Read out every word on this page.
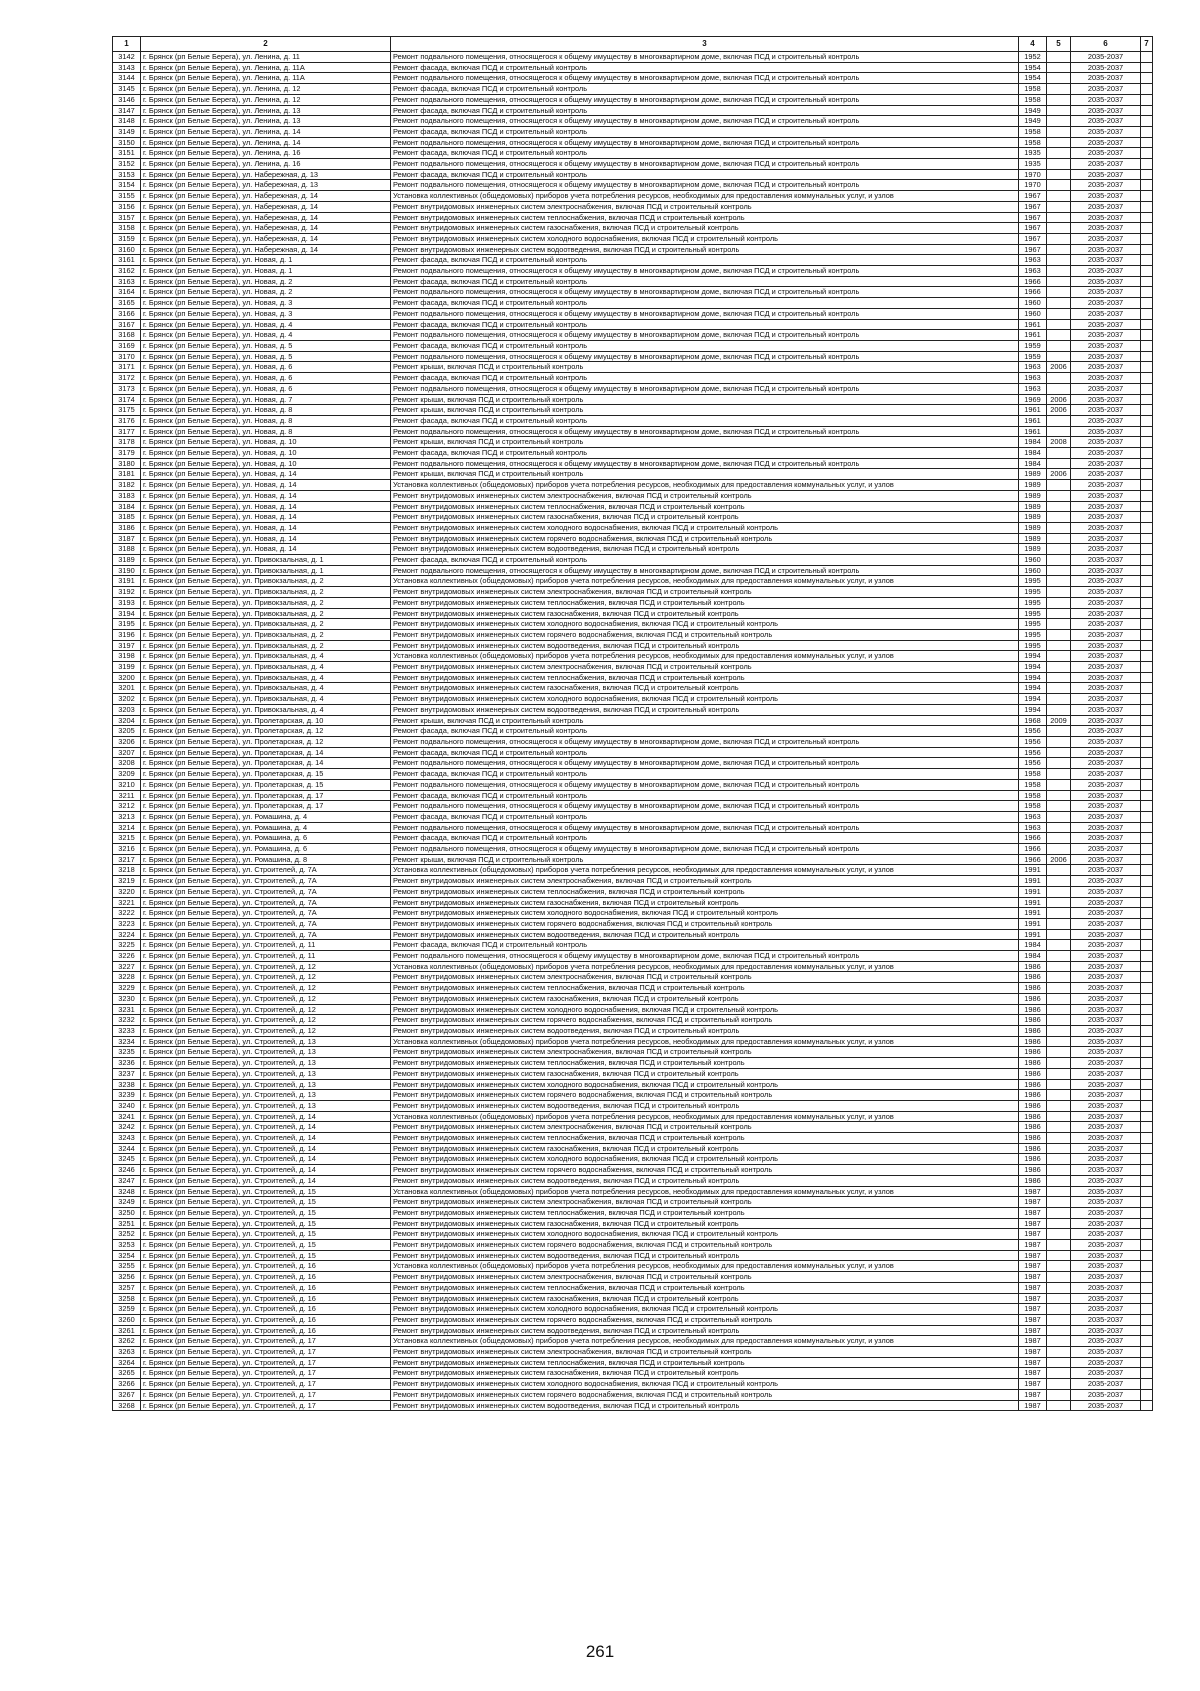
1	2	3	4	5	6	7
3142	г. Брянск (рп Белые Берега), ул. Ленина, д. 11	Ремонт подвального помещения, относящегося к общему имуществу в многоквартирном доме, включая ПСД и строительный контроль	1952		2035-2037	
3143	г. Брянск (рп Белые Берега), ул. Ленина, д. 11А	Ремонт фасада, включая ПСД и строительный контроль	1954		2035-2037	
3144	г. Брянск (рп Белые Берега), ул. Ленина, д. 11А	Ремонт подвального помещения, относящегося к общему имуществу в многоквартирном доме, включая ПСД и строительный контроль	1954		2035-2037	
3145	г. Брянск (рп Белые Берега), ул. Ленина, д. 12	Ремонт фасада, включая ПСД и строительный контроль	1958		2035-2037	
3146	г. Брянск (рп Белые Берега), ул. Ленина, д. 12	Ремонт подвального помещения, относящегося к общему имуществу в многоквартирном доме, включая ПСД и строительный контроль	1958		2035-2037	
3147	г. Брянск (рп Белые Берега), ул. Ленина, д. 13	Ремонт фасада, включая ПСД и строительный контроль	1949		2035-2037	
3148	г. Брянск (рп Белые Берега), ул. Ленина, д. 13	Ремонт подвального помещения, относящегося к общему имуществу в многоквартирном доме, включая ПСД и строительный контроль	1949		2035-2037	
3149	г. Брянск (рп Белые Берега), ул. Ленина, д. 14	Ремонт фасада, включая ПСД и строительный контроль	1958		2035-2037	
3150	г. Брянск (рп Белые Берега), ул. Ленина, д. 14	Ремонт подвального помещения, относящегося к общему имуществу в многоквартирном доме, включая ПСД и строительный контроль	1958		2035-2037	
3151	г. Брянск (рп Белые Берега), ул. Ленина, д. 16	Ремонт фасада, включая ПСД и строительный контроль	1935		2035-2037	
3152	г. Брянск (рп Белые Берега), ул. Ленина, д. 16	Ремонт подвального помещения, относящегося к общему имуществу в многоквартирном доме, включая ПСД и строительный контроль	1935		2035-2037	
3153	г. Брянск (рп Белые Берега), ул. Набережная, д. 13	Ремонт фасада, включая ПСД и строительный контроль	1970		2035-2037	
3154	г. Брянск (рп Белые Берега), ул. Набережная, д. 13	Ремонт подвального помещения, относящегося к общему имуществу в многоквартирном доме, включая ПСД и строительный контроль	1970		2035-2037	
3155	г. Брянск (рп Белые Берега), ул. Набережная, д. 14	Установка коллективных (общедомовых) приборов учета потребления ресурсов, необходимых для предоставления коммунальных услуг, и узлов	1967		2035-2037	
3156	г. Брянск (рп Белые Берега), ул. Набережная, д. 14	Ремонт внутридомовых инженерных систем электроснабжения, включая ПСД и строительный контроль	1967		2035-2037	
3157	г. Брянск (рп Белые Берега), ул. Набережная, д. 14	Ремонт внутридомовых инженерных систем теплоснабжения, включая ПСД и строительный контроль	1967		2035-2037	
3158	г. Брянск (рп Белые Берега), ул. Набережная, д. 14	Ремонт внутридомовых инженерных систем газоснабжения, включая ПСД и строительный контроль	1967		2035-2037	
3159	г. Брянск (рп Белые Берега), ул. Набережная, д. 14	Ремонт внутридомовых инженерных систем холодного водоснабжения, включая ПСД и строительный контроль	1967		2035-2037	
3160	г. Брянск (рп Белые Берега), ул. Набережная, д. 14	Ремонт внутридомовых инженерных систем водоотведения, включая ПСД и строительный контроль	1967		2035-2037	
3161	г. Брянск (рп Белые Берега), ул. Новая, д. 1	Ремонт фасада, включая ПСД и строительный контроль	1963		2035-2037	
3162	г. Брянск (рп Белые Берега), ул. Новая, д. 1	Ремонт подвального помещения, относящегося к общему имуществу в многоквартирном доме, включая ПСД и строительный контроль	1963		2035-2037	
3163	г. Брянск (рп Белые Берега), ул. Новая, д. 2	Ремонт фасада, включая ПСД и строительный контроль	1966		2035-2037	
3164	г. Брянск (рп Белые Берега), ул. Новая, д. 2	Ремонт подвального помещения, относящегося к общему имуществу в многоквартирном доме, включая ПСД и строительный контроль	1966		2035-2037	
3165	г. Брянск (рп Белые Берега), ул. Новая, д. 3	Ремонт фасада, включая ПСД и строительный контроль	1960		2035-2037	
3166	г. Брянск (рп Белые Берега), ул. Новая, д. 3	Ремонт подвального помещения, относящегося к общему имуществу в многоквартирном доме, включая ПСД и строительный контроль	1960		2035-2037	
3167	г. Брянск (рп Белые Берега), ул. Новая, д. 4	Ремонт фасада, включая ПСД и строительный контроль	1961		2035-2037	
3168	г. Брянск (рп Белые Берега), ул. Новая, д. 4	Ремонт подвального помещения, относящегося к общему имуществу в многоквартирном доме, включая ПСД и строительный контроль	1961		2035-2037	
3169	г. Брянск (рп Белые Берега), ул. Новая, д. 5	Ремонт фасада, включая ПСД и строительный контроль	1959		2035-2037	
3170	г. Брянск (рп Белые Берега), ул. Новая, д. 5	Ремонт подвального помещения, относящегося к общему имуществу в многоквартирном доме, включая ПСД и строительный контроль	1959		2035-2037	
3171	г. Брянск (рп Белые Берега), ул. Новая, д. 6	Ремонт крыши, включая ПСД и строительный контроль	1963	2006	2035-2037	
3172	г. Брянск (рп Белые Берега), ул. Новая, д. 6	Ремонт фасада, включая ПСД и строительный контроль	1963		2035-2037	
3173	г. Брянск (рп Белые Берега), ул. Новая, д. 6	Ремонт подвального помещения, относящегося к общему имуществу в многоквартирном доме, включая ПСД и строительный контроль	1963		2035-2037	
3174	г. Брянск (рп Белые Берега), ул. Новая, д. 7	Ремонт крыши, включая ПСД и строительный контроль	1969	2006	2035-2037	
3175	г. Брянск (рп Белые Берега), ул. Новая, д. 8	Ремонт крыши, включая ПСД и строительный контроль	1961	2006	2035-2037	
3176	г. Брянск (рп Белые Берега), ул. Новая, д. 8	Ремонт фасада, включая ПСД и строительный контроль	1961		2035-2037	
3177	г. Брянск (рп Белые Берега), ул. Новая, д. 8	Ремонт подвального помещения, относящегося к общему имуществу в многоквартирном доме, включая ПСД и строительный контроль	1961		2035-2037	
3178	г. Брянск (рп Белые Берега), ул. Новая, д. 10	Ремонт крыши, включая ПСД и строительный контроль	1984	2008	2035-2037	
3179	г. Брянск (рп Белые Берега), ул. Новая, д. 10	Ремонт фасада, включая ПСД и строительный контроль	1984		2035-2037	
3180	г. Брянск (рп Белые Берега), ул. Новая, д. 10	Ремонт подвального помещения, относящегося к общему имуществу в многоквартирном доме, включая ПСД и строительный контроль	1984		2035-2037	
3181	г. Брянск (рп Белые Берега), ул. Новая, д. 14	Ремонт крыши, включая ПСД и строительный контроль	1989	2006	2035-2037	
3182	г. Брянск (рп Белые Берега), ул. Новая, д. 14	Установка коллективных (общедомовых) приборов учета потребления ресурсов, необходимых для предоставления коммунальных услуг, и узлов	1989		2035-2037	
3183	г. Брянск (рп Белые Берега), ул. Новая, д. 14	Ремонт внутридомовых инженерных систем электроснабжения, включая ПСД и строительный контроль	1989		2035-2037	
3184	г. Брянск (рп Белые Берега), ул. Новая, д. 14	Ремонт внутридомовых инженерных систем теплоснабжения, включая ПСД и строительный контроль	1989		2035-2037	
3185	г. Брянск (рп Белые Берега), ул. Новая, д. 14	Ремонт внутридомовых инженерных систем газоснабжения, включая ПСД и строительный контроль	1989		2035-2037	
3186	г. Брянск (рп Белые Берега), ул. Новая, д. 14	Ремонт внутридомовых инженерных систем холодного водоснабжения, включая ПСД и строительный контроль	1989		2035-2037	
3187	г. Брянск (рп Белые Берега), ул. Новая, д. 14	Ремонт внутридомовых инженерных систем горячего водоснабжения, включая ПСД и строительный контроль	1989		2035-2037	
3188	г. Брянск (рп Белые Берега), ул. Новая, д. 14	Ремонт внутридомовых инженерных систем водоотведения, включая ПСД и строительный контроль	1989		2035-2037	
3189	г. Брянск (рп Белые Берега), ул. Привокзальная, д. 1	Ремонт фасада, включая ПСД и строительный контроль	1960		2035-2037	
3190	г. Брянск (рп Белые Берега), ул. Привокзальная, д. 1	Ремонт подвального помещения, относящегося к общему имуществу в многоквартирном доме, включая ПСД и строительный контроль	1960		2035-2037	
3191	г. Брянск (рп Белые Берега), ул. Привокзальная, д. 2	Установка коллективных (общедомовых) приборов учета потребления ресурсов, необходимых для предоставления коммунальных услуг, и узлов	1995		2035-2037	
3192	г. Брянск (рп Белые Берега), ул. Привокзальная, д. 2	Ремонт внутридомовых инженерных систем электроснабжения, включая ПСД и строительный контроль	1995		2035-2037	
3193	г. Брянск (рп Белые Берега), ул. Привокзальная, д. 2	Ремонт внутридомовых инженерных систем теплоснабжения, включая ПСД и строительный контроль	1995		2035-2037	
3194	г. Брянск (рп Белые Берега), ул. Привокзальная, д. 2	Ремонт внутридомовых инженерных систем газоснабжения, включая ПСД и строительный контроль	1995		2035-2037	
3195	г. Брянск (рп Белые Берега), ул. Привокзальная, д. 2	Ремонт внутридомовых инженерных систем холодного водоснабжения, включая ПСД и строительный контроль	1995		2035-2037	
3196	г. Брянск (рп Белые Берега), ул. Привокзальная, д. 2	Ремонт внутридомовых инженерных систем горячего водоснабжения, включая ПСД и строительный контроль	1995		2035-2037	
3197	г. Брянск (рп Белые Берега), ул. Привокзальная, д. 2	Ремонт внутридомовых инженерных систем водоотведения, включая ПСД и строительный контроль	1995		2035-2037	
3198	г. Брянск (рп Белые Берега), ул. Привокзальная, д. 4	Установка коллективных (общедомовых) приборов учета потребления ресурсов, необходимых для предоставления коммунальных услуг, и узлов	1994		2035-2037	
3199	г. Брянск (рп Белые Берега), ул. Привокзальная, д. 4	Ремонт внутридомовых инженерных систем электроснабжения, включая ПСД и строительный контроль	1994		2035-2037	
3200	г. Брянск (рп Белые Берега), ул. Привокзальная, д. 4	Ремонт внутридомовых инженерных систем теплоснабжения, включая ПСД и строительный контроль	1994		2035-2037	
3201	г. Брянск (рп Белые Берега), ул. Привокзальная, д. 4	Ремонт внутридомовых инженерных систем газоснабжения, включая ПСД и строительный контроль	1994		2035-2037	
3202	г. Брянск (рп Белые Берега), ул. Привокзальная, д. 4	Ремонт внутридомовых инженерных систем холодного водоснабжения, включая ПСД и строительный контроль	1994		2035-2037	
3203	г. Брянск (рп Белые Берега), ул. Привокзальная, д. 4	Ремонт внутридомовых инженерных систем водоотведения, включая ПСД и строительный контроль	1994		2035-2037	
3204	г. Брянск (рп Белые Берега), ул. Пролетарская, д. 10	Ремонт крыши, включая ПСД и строительный контроль	1968	2009	2035-2037	
3205	г. Брянск (рп Белые Берега), ул. Пролетарская, д. 12	Ремонт фасада, включая ПСД и строительный контроль	1956		2035-2037	
3206	г. Брянск (рп Белые Берега), ул. Пролетарская, д. 12	Ремонт подвального помещения, относящегося к общему имуществу в многоквартирном доме, включая ПСД и строительный контроль	1956		2035-2037	
3207	г. Брянск (рп Белые Берега), ул. Пролетарская, д. 14	Ремонт фасада, включая ПСД и строительный контроль	1956		2035-2037	
3208	г. Брянск (рп Белые Берега), ул. Пролетарская, д. 14	Ремонт подвального помещения, относящегося к общему имуществу в многоквартирном доме, включая ПСД и строительный контроль	1956		2035-2037	
3209	г. Брянск (рп Белые Берега), ул. Пролетарская, д. 15	Ремонт фасада, включая ПСД и строительный контроль	1958		2035-2037	
3210	г. Брянск (рп Белые Берега), ул. Пролетарская, д. 15	Ремонт подвального помещения, относящегося к общему имуществу в многоквартирном доме, включая ПСД и строительный контроль	1958		2035-2037	
3211	г. Брянск (рп Белые Берега), ул. Пролетарская, д. 17	Ремонт фасада, включая ПСД и строительный контроль	1958		2035-2037	
3212	г. Брянск (рп Белые Берега), ул. Пролетарская, д. 17	Ремонт подвального помещения, относящегося к общему имуществу в многоквартирном доме, включая ПСД и строительный контроль	1958		2035-2037	
3213	г. Брянск (рп Белые Берега), ул. Ромашина, д. 4	Ремонт фасада, включая ПСД и строительный контроль	1963		2035-2037	
3214	г. Брянск (рп Белые Берега), ул. Ромашина, д. 4	Ремонт подвального помещения, относящегося к общему имуществу в многоквартирном доме, включая ПСД и строительный контроль	1963		2035-2037	
3215	г. Брянск (рп Белые Берега), ул. Ромашина, д. 6	Ремонт фасада, включая ПСД и строительный контроль	1966		2035-2037	
3216	г. Брянск (рп Белые Берега), ул. Ромашина, д. 6	Ремонт подвального помещения, относящегося к общему имуществу в многоквартирном доме, включая ПСД и строительный контроль	1966		2035-2037	
3217	г. Брянск (рп Белые Берега), ул. Ромашина, д. 8	Ремонт крыши, включая ПСД и строительный контроль	1966	2006	2035-2037	
3218	г. Брянск (рп Белые Берега), ул. Строителей, д. 7А	Установка коллективных (общедомовых) приборов учета потребления ресурсов, необходимых для предоставления коммунальных услуг, и узлов	1991		2035-2037	
3219	г. Брянск (рп Белые Берега), ул. Строителей, д. 7А	Ремонт внутридомовых инженерных систем электроснабжения, включая ПСД и строительный контроль	1991		2035-2037	
3220	г. Брянск (рп Белые Берега), ул. Строителей, д. 7А	Ремонт внутридомовых инженерных систем теплоснабжения, включая ПСД и строительный контроль	1991		2035-2037	
3221	г. Брянск (рп Белые Берега), ул. Строителей, д. 7А	Ремонт внутридомовых инженерных систем газоснабжения, включая ПСД и строительный контроль	1991		2035-2037	
3222	г. Брянск (рп Белые Берега), ул. Строителей, д. 7А	Ремонт внутридомовых инженерных систем холодного водоснабжения, включая ПСД и строительный контроль	1991		2035-2037	
3223	г. Брянск (рп Белые Берега), ул. Строителей, д. 7А	Ремонт внутридомовых инженерных систем горячего водоснабжения, включая ПСД и строительный контроль	1991		2035-2037	
3224	г. Брянск (рп Белые Берега), ул. Строителей, д. 7А	Ремонт внутридомовых инженерных систем водоотведения, включая ПСД и строительный контроль	1991		2035-2037	
3225	г. Брянск (рп Белые Берега), ул. Строителей, д. 11	Ремонт фасада, включая ПСД и строительный контроль	1984		2035-2037	
3226	г. Брянск (рп Белые Берега), ул. Строителей, д. 11	Ремонт подвального помещения, относящегося к общему имуществу в многоквартирном доме, включая ПСД и строительный контроль	1984		2035-2037	
3227	г. Брянск (рп Белые Берега), ул. Строителей, д. 12	Установка коллективных (общедомовых) приборов учета потребления ресурсов, необходимых для предоставления коммунальных услуг, и узлов	1986		2035-2037	
3228	г. Брянск (рп Белые Берега), ул. Строителей, д. 12	Ремонт внутридомовых инженерных систем электроснабжения, включая ПСД и строительный контроль	1986		2035-2037	
3229	г. Брянск (рп Белые Берега), ул. Строителей, д. 12	Ремонт внутридомовых инженерных систем теплоснабжения, включая ПСД и строительный контроль	1986		2035-2037	
3230	г. Брянск (рп Белые Берега), ул. Строителей, д. 12	Ремонт внутридомовых инженерных систем газоснабжения, включая ПСД и строительный контроль	1986		2035-2037	
3231	г. Брянск (рп Белые Берега), ул. Строителей, д. 12	Ремонт внутридомовых инженерных систем холодного водоснабжения, включая ПСД и строительный контроль	1986		2035-2037	
3232	г. Брянск (рп Белые Берега), ул. Строителей, д. 12	Ремонт внутридомовых инженерных систем горячего водоснабжения, включая ПСД и строительный контроль	1986		2035-2037	
3233	г. Брянск (рп Белые Берега), ул. Строителей, д. 12	Ремонт внутридомовых инженерных систем водоотведения, включая ПСД и строительный контроль	1986		2035-2037	
3234	г. Брянск (рп Белые Берега), ул. Строителей, д. 13	Установка коллективных (общедомовых) приборов учета потребления ресурсов, необходимых для предоставления коммунальных услуг, и узлов	1986		2035-2037	
3235	г. Брянск (рп Белые Берега), ул. Строителей, д. 13	Ремонт внутридомовых инженерных систем электроснабжения, включая ПСД и строительный контроль	1986		2035-2037	
3236	г. Брянск (рп Белые Берега), ул. Строителей, д. 13	Ремонт внутридомовых инженерных систем теплоснабжения, включая ПСД и строительный контроль	1986		2035-2037	
3237	г. Брянск (рп Белые Берега), ул. Строителей, д. 13	Ремонт внутридомовых инженерных систем газоснабжения, включая ПСД и строительный контроль	1986		2035-2037	
3238	г. Брянск (рп Белые Берега), ул. Строителей, д. 13	Ремонт внутридомовых инженерных систем холодного водоснабжения, включая ПСД и строительный контроль	1986		2035-2037	
3239	г. Брянск (рп Белые Берега), ул. Строителей, д. 13	Ремонт внутридомовых инженерных систем горячего водоснабжения, включая ПСД и строительный контроль	1986		2035-2037	
3240	г. Брянск (рп Белые Берега), ул. Строителей, д. 13	Ремонт внутридомовых инженерных систем водоотведения, включая ПСД и строительный контроль	1986		2035-2037	
3241	г. Брянск (рп Белые Берега), ул. Строителей, д. 14	Установка коллективных (общедомовых) приборов учета потребления ресурсов, необходимых для предоставления коммунальных услуг, и узлов	1986		2035-2037	
3242	г. Брянск (рп Белые Берега), ул. Строителей, д. 14	Ремонт внутридомовых инженерных систем электроснабжения, включая ПСД и строительный контроль	1986		2035-2037	
3243	г. Брянск (рп Белые Берега), ул. Строителей, д. 14	Ремонт внутридомовых инженерных систем теплоснабжения, включая ПСД и строительный контроль	1986		2035-2037	
3244	г. Брянск (рп Белые Берега), ул. Строителей, д. 14	Ремонт внутридомовых инженерных систем газоснабжения, включая ПСД и строительный контроль	1986		2035-2037	
3245	г. Брянск (рп Белые Берега), ул. Строителей, д. 14	Ремонт внутридомовых инженерных систем холодного водоснабжения, включая ПСД и строительный контроль	1986		2035-2037	
3246	г. Брянск (рп Белые Берега), ул. Строителей, д. 14	Ремонт внутридомовых инженерных систем горячего водоснабжения, включая ПСД и строительный контроль	1986		2035-2037	
3247	г. Брянск (рп Белые Берега), ул. Строителей, д. 14	Ремонт внутридомовых инженерных систем водоотведения, включая ПСД и строительный контроль	1986		2035-2037	
3248	г. Брянск (рп Белые Берега), ул. Строителей, д. 15	Установка коллективных (общедомовых) приборов учета потребления ресурсов, необходимых для предоставления коммунальных услуг, и узлов	1987		2035-2037	
3249	г. Брянск (рп Белые Берега), ул. Строителей, д. 15	Ремонт внутридомовых инженерных систем электроснабжения, включая ПСД и строительный контроль	1987		2035-2037	
3250	г. Брянск (рп Белые Берега), ул. Строителей, д. 15	Ремонт внутридомовых инженерных систем теплоснабжения, включая ПСД и строительный контроль	1987		2035-2037	
3251	г. Брянск (рп Белые Берега), ул. Строителей, д. 15	Ремонт внутридомовых инженерных систем газоснабжения, включая ПСД и строительный контроль	1987		2035-2037	
3252	г. Брянск (рп Белые Берега), ул. Строителей, д. 15	Ремонт внутридомовых инженерных систем холодного водоснабжения, включая ПСД и строительный контроль	1987		2035-2037	
3253	г. Брянск (рп Белые Берега), ул. Строителей, д. 15	Ремонт внутридомовых инженерных систем горячего водоснабжения, включая ПСД и строительный контроль	1987		2035-2037	
3254	г. Брянск (рп Белые Берега), ул. Строителей, д. 15	Ремонт внутридомовых инженерных систем водоотведения, включая ПСД и строительный контроль	1987		2035-2037	
3255	г. Брянск (рп Белые Берега), ул. Строителей, д. 16	Установка коллективных (общедомовых) приборов учета потребления ресурсов, необходимых для предоставления коммунальных услуг, и узлов	1987		2035-2037	
3256	г. Брянск (рп Белые Берега), ул. Строителей, д. 16	Ремонт внутридомовых инженерных систем электроснабжения, включая ПСД и строительный контроль	1987		2035-2037	
3257	г. Брянск (рп Белые Берега), ул. Строителей, д. 16	Ремонт внутридомовых инженерных систем теплоснабжения, включая ПСД и строительный контроль	1987		2035-2037	
3258	г. Брянск (рп Белые Берега), ул. Строителей, д. 16	Ремонт внутридомовых инженерных систем газоснабжения, включая ПСД и строительный контроль	1987		2035-2037	
3259	г. Брянск (рп Белые Берега), ул. Строителей, д. 16	Ремонт внутридомовых инженерных систем холодного водоснабжения, включая ПСД и строительный контроль	1987		2035-2037	
3260	г. Брянск (рп Белые Берега), ул. Строителей, д. 16	Ремонт внутридомовых инженерных систем горячего водоснабжения, включая ПСД и строительный контроль	1987		2035-2037	
3261	г. Брянск (рп Белые Берега), ул. Строителей, д. 16	Ремонт внутридомовых инженерных систем водоотведения, включая ПСД и строительный контроль	1987		2035-2037	
3262	г. Брянск (рп Белые Берега), ул. Строителей, д. 17	Установка коллективных (общедомовых) приборов учета потребления ресурсов, необходимых для предоставления коммунальных услуг, и узлов	1987		2035-2037	
3263	г. Брянск (рп Белые Берега), ул. Строителей, д. 17	Ремонт внутридомовых инженерных систем электроснабжения, включая ПСД и строительный контроль	1987		2035-2037	
3264	г. Брянск (рп Белые Берега), ул. Строителей, д. 17	Ремонт внутридомовых инженерных систем теплоснабжения, включая ПСД и строительный контроль	1987		2035-2037	
3265	г. Брянск (рп Белые Берега), ул. Строителей, д. 17	Ремонт внутридомовых инженерных систем газоснабжения, включая ПСД и строительный контроль	1987		2035-2037	
3266	г. Брянск (рп Белые Берега), ул. Строителей, д. 17	Ремонт внутридомовых инженерных систем холодного водоснабжения, включая ПСД и строительный контроль	1987		2035-2037	
3267	г. Брянск (рп Белые Берега), ул. Строителей, д. 17	Ремонт внутридомовых инженерных систем горячего водоснабжения, включая ПСД и строительный контроль	1987		2035-2037	
3268	г. Брянск (рп Белые Берега), ул. Строителей, д. 17	Ремонт внутридомовых инженерных систем водоотведения, включая ПСД и строительный контроль	1987		2035-2037	
261
